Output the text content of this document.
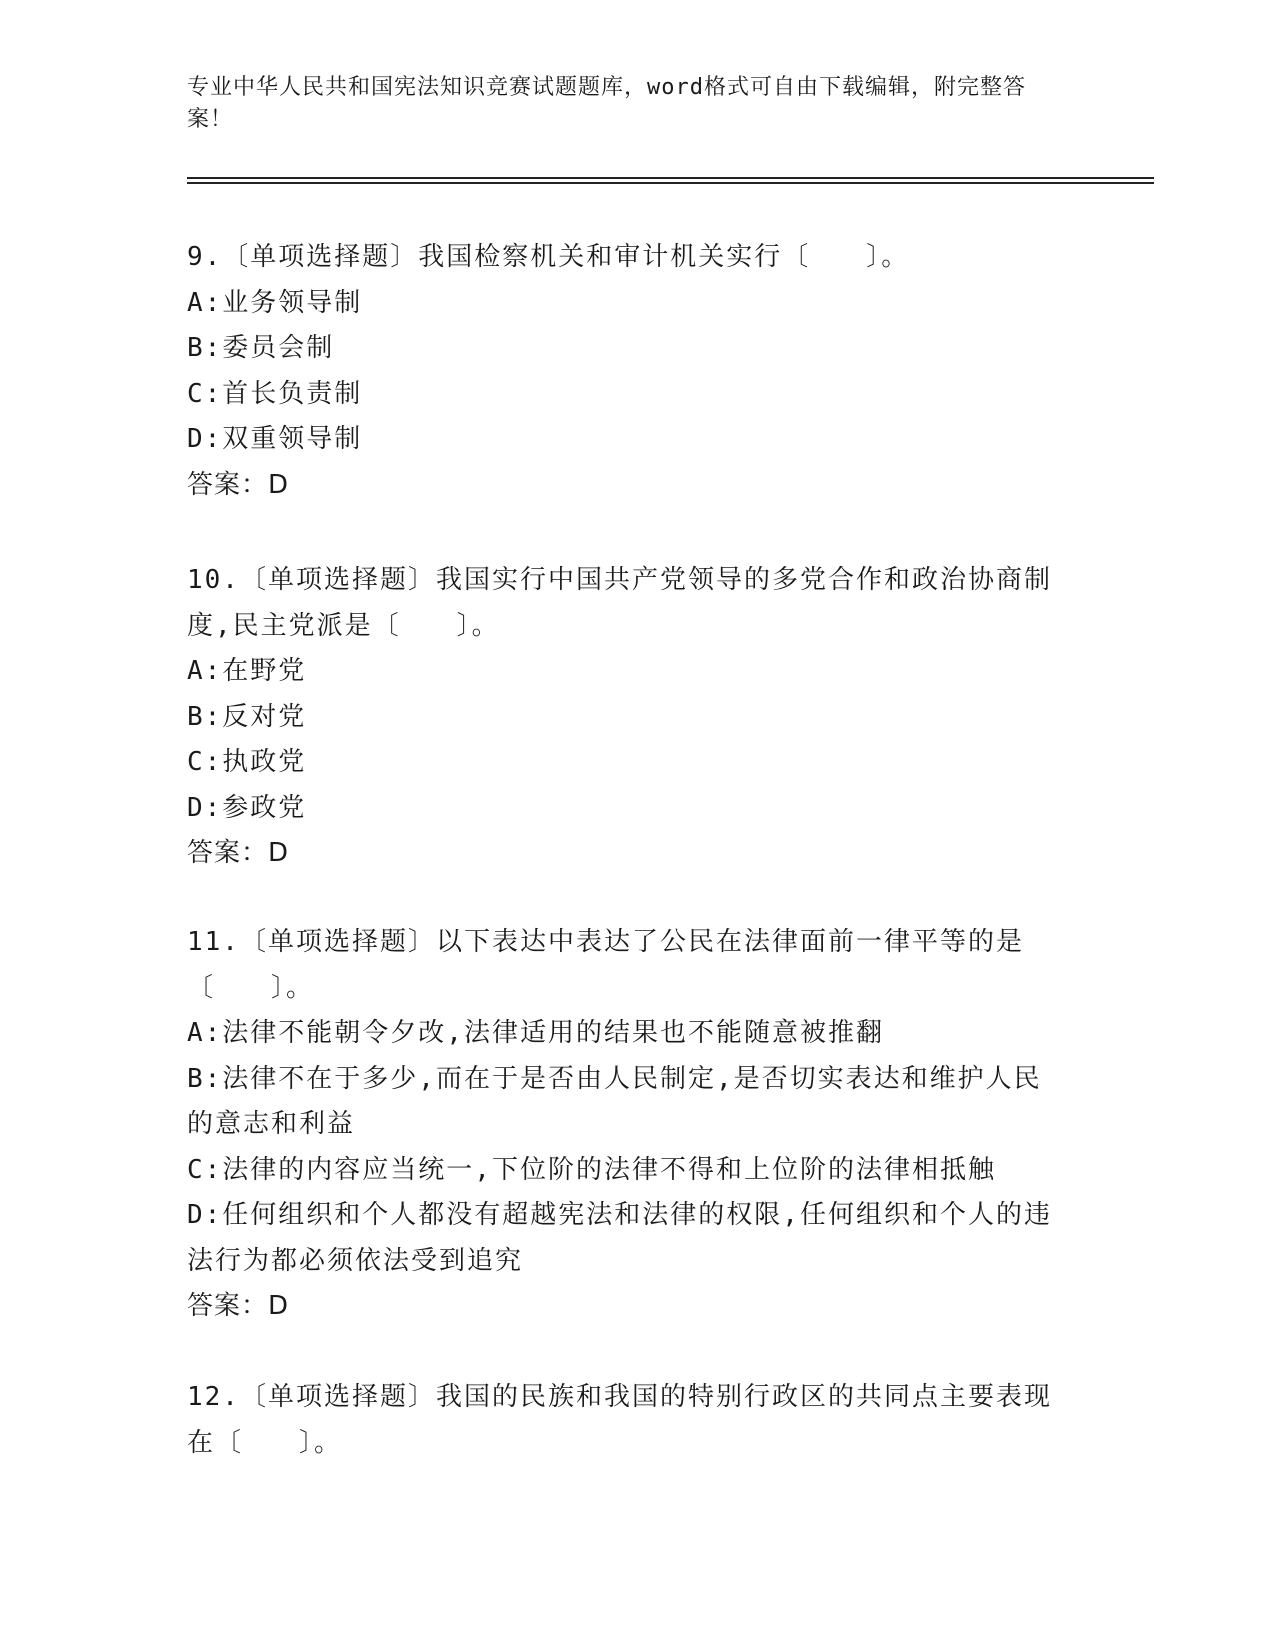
专业中华人民共和国宪法知识竞赛试题题库，word格式可自由下载编辑，附完整答案！

9.〔单项选择题〕我国检察机关和审计机关实行〔　　〕。

A:业务领导制
B:委员会制
C:首长负责制
D:双重领导制
答案：D

10.〔单项选择题〕我国实行中国共产党领导的多党合作和政治协商制度,民主党派是〔　　〕。

A:在野党
B:反对党
C:执政党
D:参政党
答案：D

11.〔单项选择题〕以下表达中表达了公民在法律面前一律平等的是〔　　〕。

A:法律不能朝令夕改,法律适用的结果也不能随意被推翻
B:法律不在于多少,而在于是否由人民制定,是否切实表达和维护人民的意志和利益
C:法律的内容应当统一,下位阶的法律不得和上位阶的法律相抵触
D:任何组织和个人都没有超越宪法和法律的权限,任何组织和个人的违法行为都必须依法受到追究
答案：D

12.〔单项选择题〕我国的民族和我国的特别行政区的共同点主要表现在〔　　〕。
